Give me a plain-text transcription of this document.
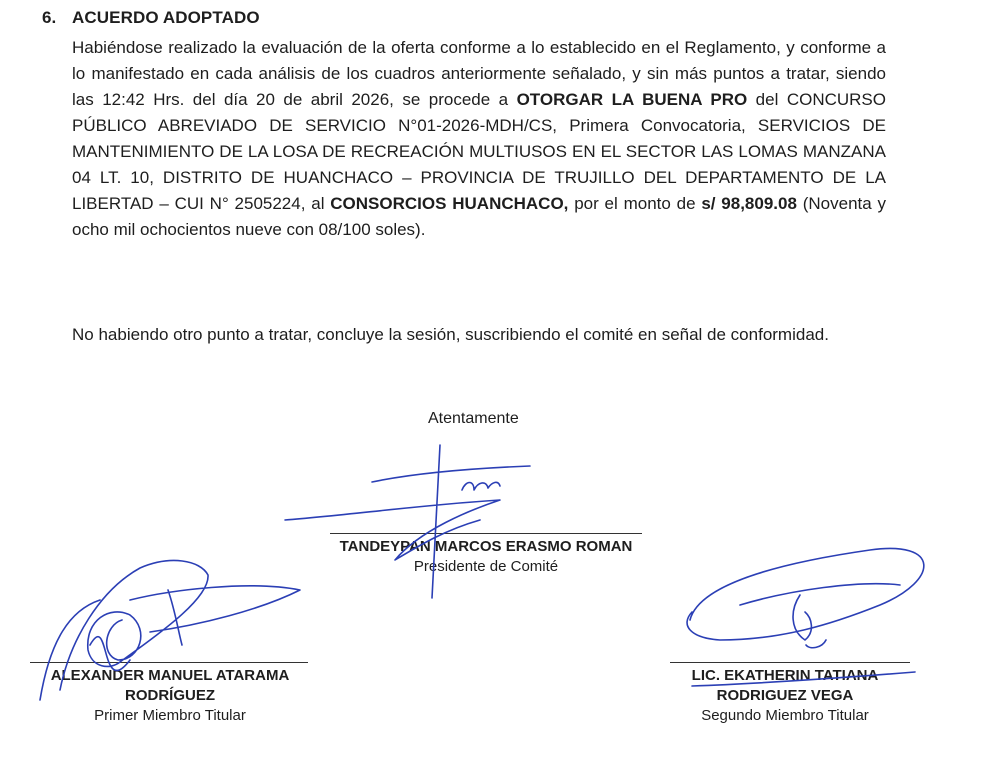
6. ACUERDO ADOPTADO
Habiéndose realizado la evaluación de la oferta conforme a lo establecido en el Reglamento, y conforme a lo manifestado en cada análisis de los cuadros anteriormente señalado, y sin más puntos a tratar, siendo las 12:42 Hrs. del día 20 de abril 2026, se procede a OTORGAR LA BUENA PRO del CONCURSO PÚBLICO ABREVIADO DE SERVICIO N°01-2026-MDH/CS, Primera Convocatoria, SERVICIOS DE MANTENIMIENTO DE LA LOSA DE RECREACIÓN MULTIUSOS EN EL SECTOR LAS LOMAS MANZANA 04 LT. 10, DISTRITO DE HUANCHACO – PROVINCIA DE TRUJILLO DEL DEPARTAMENTO DE LA LIBERTAD – CUI N° 2505224, al CONSORCIOS HUANCHACO, por el monto de s/ 98,809.08 (Noventa y ocho mil ochocientos nueve con 08/100 soles).
No habiendo otro punto a tratar, concluye la sesión, suscribiendo el comité en señal de conformidad.
Atentamente
TANDEYPAN MARCOS ERASMO ROMAN
Presidente de Comité
ALEXANDER MANUEL ATARAMA
RODRÍGUEZ
Primer Miembro Titular
LIC. EKATHERIN TATIANA
RODRIGUEZ VEGA
Segundo Miembro Titular
